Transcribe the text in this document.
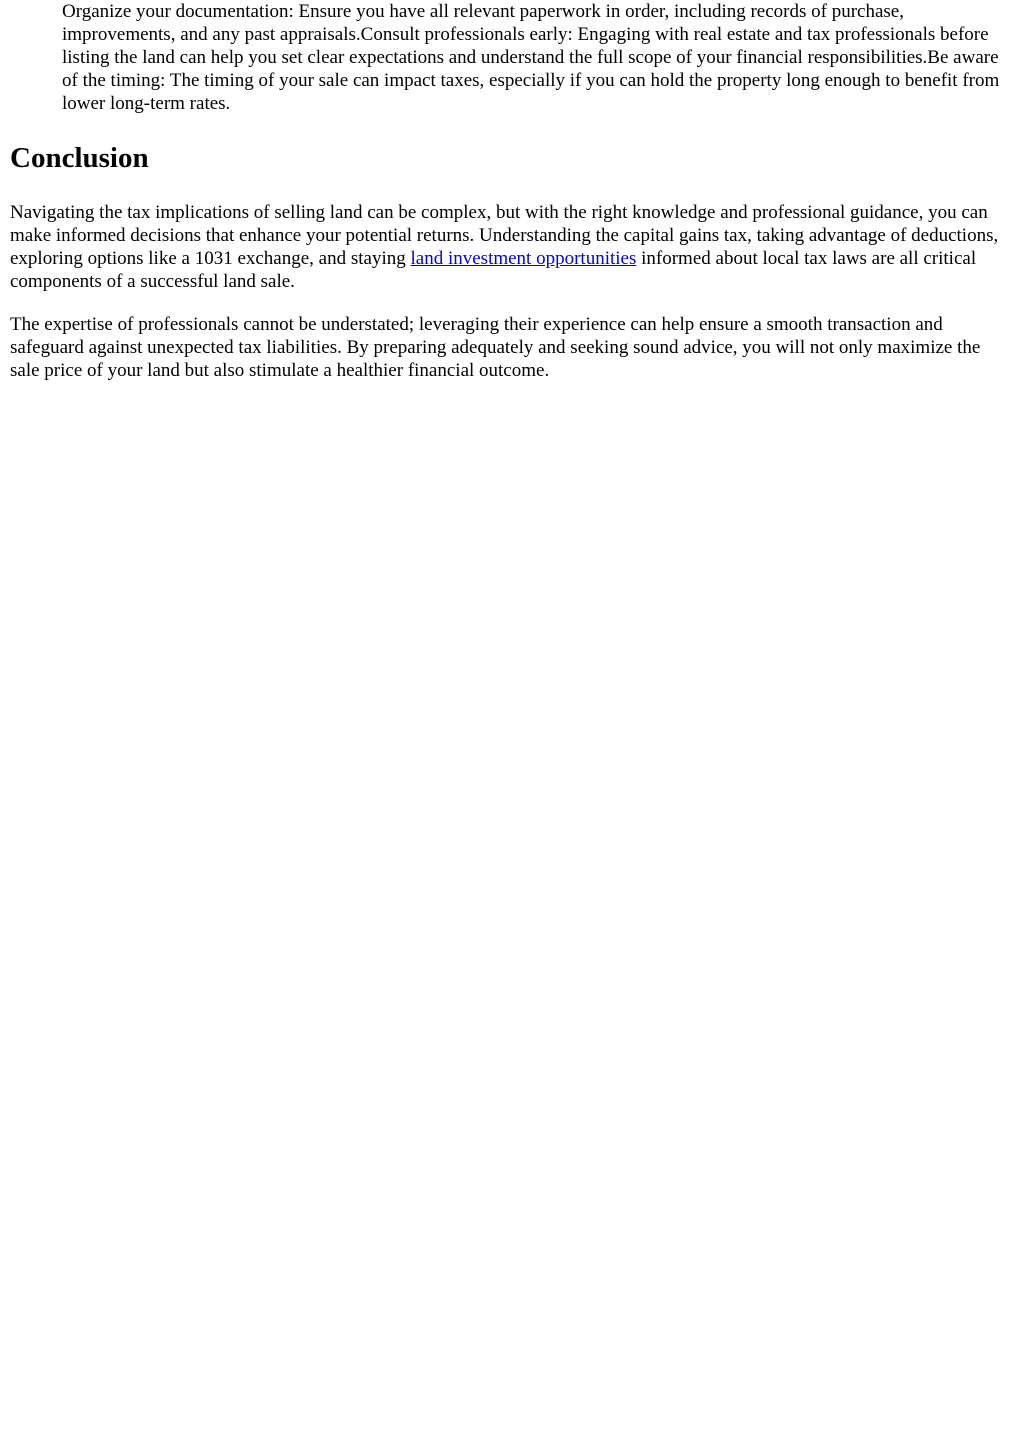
Organize your documentation: Ensure you have all relevant paperwork in order, including records of purchase, improvements, and any past appraisals.Consult professionals early: Engaging with real estate and tax professionals before listing the land can help you set clear expectations and understand the full scope of your financial responsibilities.Be aware of the timing: The timing of your sale can impact taxes, especially if you can hold the property long enough to benefit from lower long-term rates.

Conclusion

Navigating the tax implications of selling land can be complex, but with the right knowledge and professional guidance, you can make informed decisions that enhance your potential returns. Understanding the capital gains tax, taking advantage of deductions, exploring options like a 1031 exchange, and staying land investment opportunities informed about local tax laws are all critical components of a successful land sale.

The expertise of professionals cannot be understated; leveraging their experience can help ensure a smooth transaction and safeguard against unexpected tax liabilities. By preparing adequately and seeking sound advice, you will not only maximize the sale price of your land but also stimulate a healthier financial outcome.
